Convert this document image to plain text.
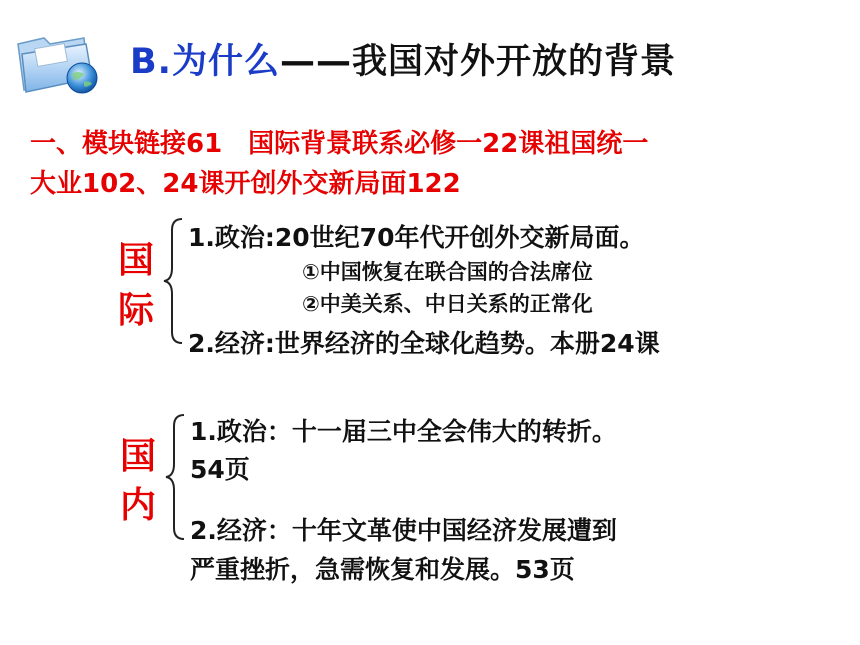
B.为什么——我国对外开放的背景
一、模块链接61　国际背景联系必修一22课祖国统一
大业102、24课开创外交新局面122
国
际
1.政治:20世纪70年代开创外交新局面。
①中国恢复在联合国的合法席位
②中美关系、中日关系的正常化
2.经济:世界经济的全球化趋势。本册24课
国
内
1.政治：十一届三中全会伟大的转折。
54页
2.经济：十年文革使中国经济发展遭到
严重挫折，急需恢复和发展。53页
